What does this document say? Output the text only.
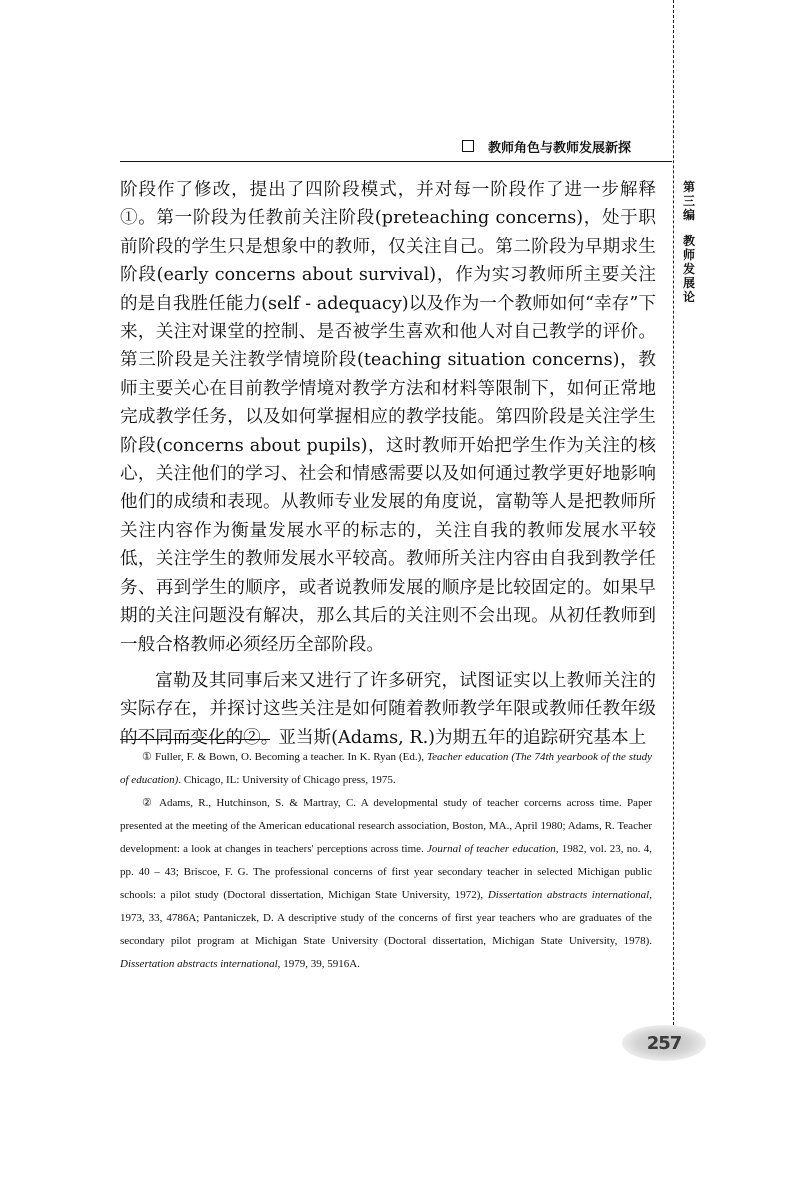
教师角色与教师发展新探
第
三
编
教
师
发
展
论

阶段作了修改，提出了四阶段模式，并对每一阶段作了进一步解释①。第一阶段为任教前关注阶段(preteaching concerns)，处于职前阶段的学生只是想象中的教师，仅关注自己。第二阶段为早期求生阶段(early concerns about survival)，作为实习教师所主要关注的是自我胜任能力(self - adequacy)以及作为一个教师如何“幸存”下来，关注对课堂的控制、是否被学生喜欢和他人对自己教学的评价。第三阶段是关注教学情境阶段(teaching situation concerns)，教师主要关心在目前教学情境对教学方法和材料等限制下，如何正常地完成教学任务，以及如何掌握相应的教学技能。第四阶段是关注学生阶段(concerns about pupils)，这时教师开始把学生作为关注的核心，关注他们的学习、社会和情感需要以及如何通过教学更好地影响他们的成绩和表现。从教师专业发展的角度说，富勒等人是把教师所关注内容作为衡量发展水平的标志的，关注自我的教师发展水平较低，关注学生的教师发展水平较高。教师所关注内容由自我到教学任务、再到学生的顺序，或者说教师发展的顺序是比较固定的。如果早期的关注问题没有解决，那么其后的关注则不会出现。从初任教师到一般合格教师必须经历全部阶段。

富勒及其同事后来又进行了许多研究，试图证实以上教师关注的实际存在，并探讨这些关注是如何随着教师教学年限或教师任教年级的不同而变化的②。亚当斯(Adams, R.)为期五年的追踪研究基本上

① Fuller, F. & Bown, O. Becoming a teacher. In K. Ryan (Ed.), Teacher education (The 74th yearbook of the study of education). Chicago, IL: University of Chicago press, 1975.

② Adams, R., Hutchinson, S. & Martray, C. A developmental study of teacher corcerns across time. Paper presented at the meeting of the American educational research association, Boston, MA., April 1980; Adams, R. Teacher development: a look at changes in teachers' perceptions across time. Journal of teacher education, 1982, vol. 23, no. 4, pp. 40 – 43; Briscoe, F. G. The professional concerns of first year secondary teacher in selected Michigan public schools: a pilot study (Doctoral dissertation, Michigan State University, 1972), Dissertation abstracts international, 1973, 33, 4786A; Pantaniczek, D. A descriptive study of the concerns of first year teachers who are graduates of the secondary pilot program at Michigan State University (Doctoral dissertation, Michigan State University, 1978). Dissertation abstracts international, 1979, 39, 5916A.

257
